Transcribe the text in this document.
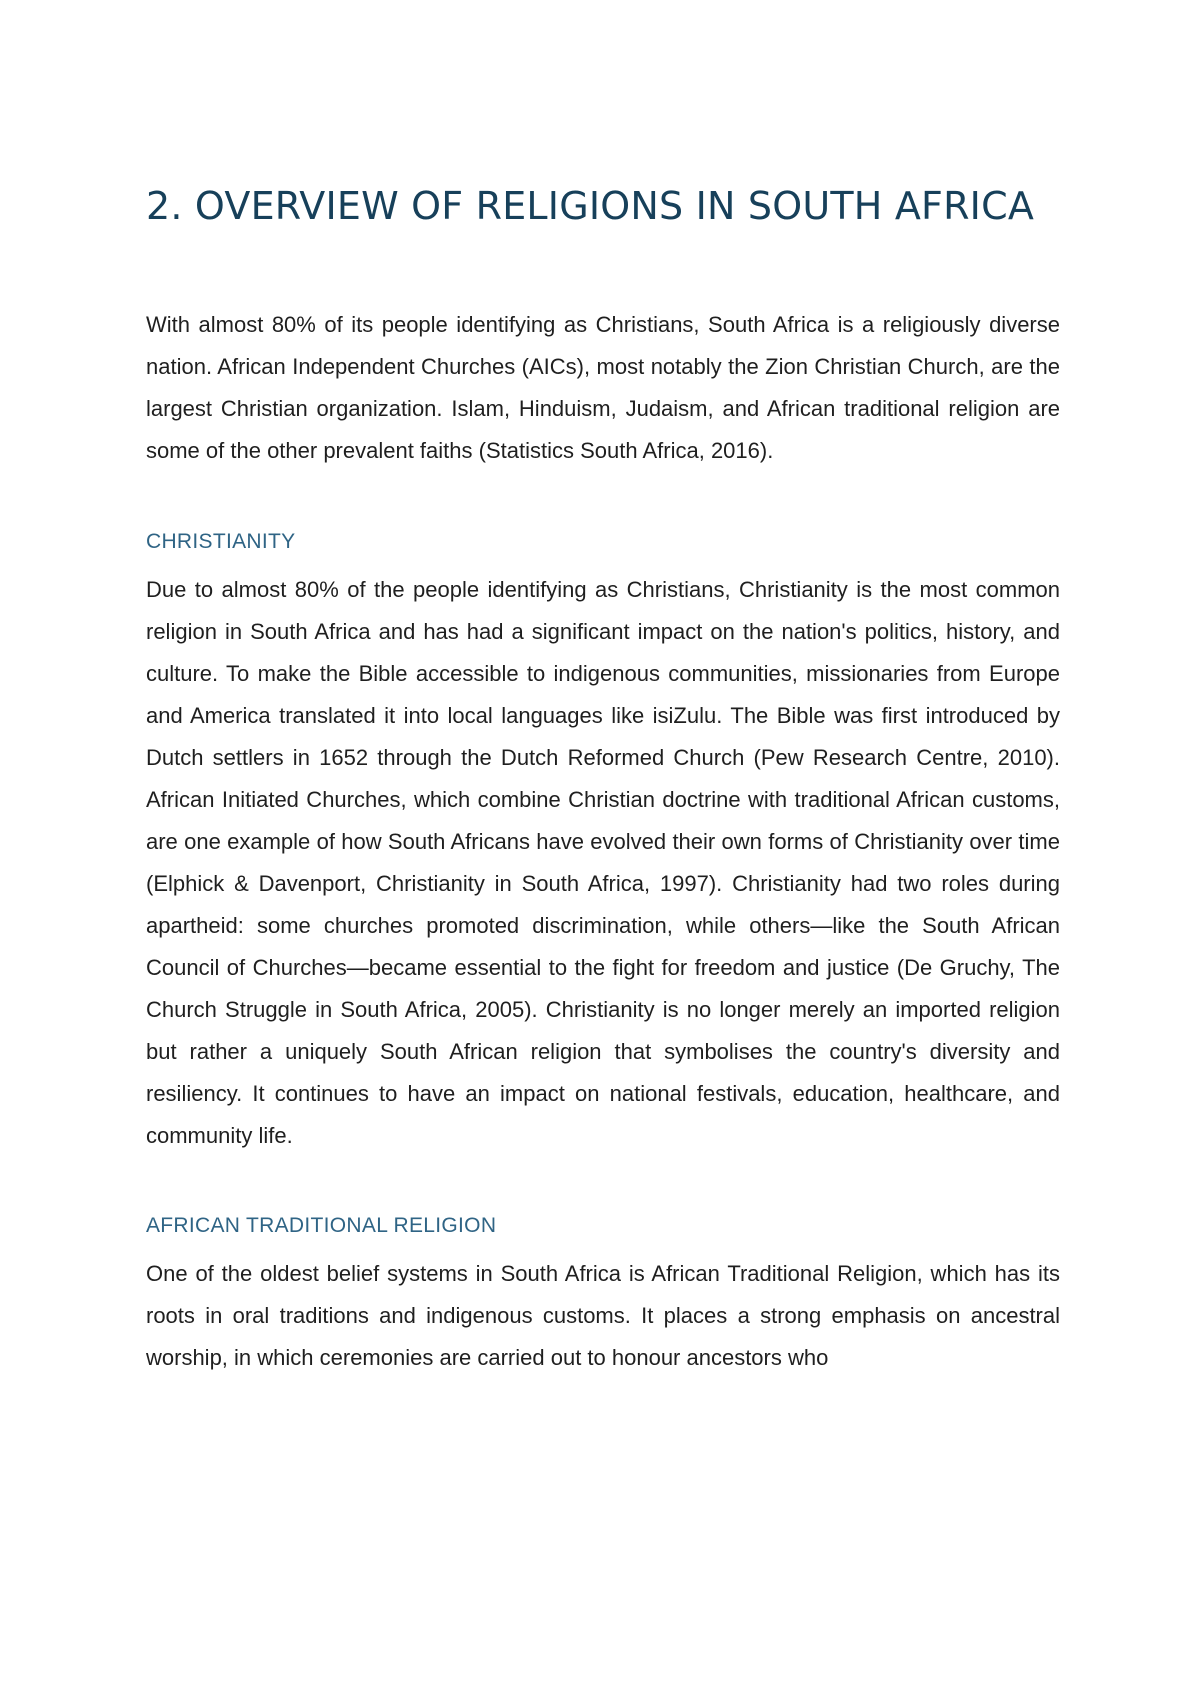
2. OVERVIEW OF RELIGIONS IN SOUTH AFRICA

With almost 80% of its people identifying as Christians, South Africa is a religiously diverse nation. African Independent Churches (AICs), most notably the Zion Christian Church, are the largest Christian organization. Islam, Hinduism, Judaism, and African traditional religion are some of the other prevalent faiths (Statistics South Africa, 2016).

CHRISTIANITY

Due to almost 80% of the people identifying as Christians, Christianity is the most common religion in South Africa and has had a significant impact on the nation's politics, history, and culture. To make the Bible accessible to indigenous communities, missionaries from Europe and America translated it into local languages like isiZulu. The Bible was first introduced by Dutch settlers in 1652 through the Dutch Reformed Church (Pew Research Centre, 2010). African Initiated Churches, which combine Christian doctrine with traditional African customs, are one example of how South Africans have evolved their own forms of Christianity over time (Elphick & Davenport, Christianity in South Africa, 1997). Christianity had two roles during apartheid: some churches promoted discrimination, while others—like the South African Council of Churches—became essential to the fight for freedom and justice (De Gruchy, The Church Struggle in South Africa, 2005). Christianity is no longer merely an imported religion but rather a uniquely South African religion that symbolises the country's diversity and resiliency. It continues to have an impact on national festivals, education, healthcare, and community life.

AFRICAN TRADITIONAL RELIGION

One of the oldest belief systems in South Africa is African Traditional Religion, which has its roots in oral traditions and indigenous customs. It places a strong emphasis on ancestral worship, in which ceremonies are carried out to honour ancestors who
